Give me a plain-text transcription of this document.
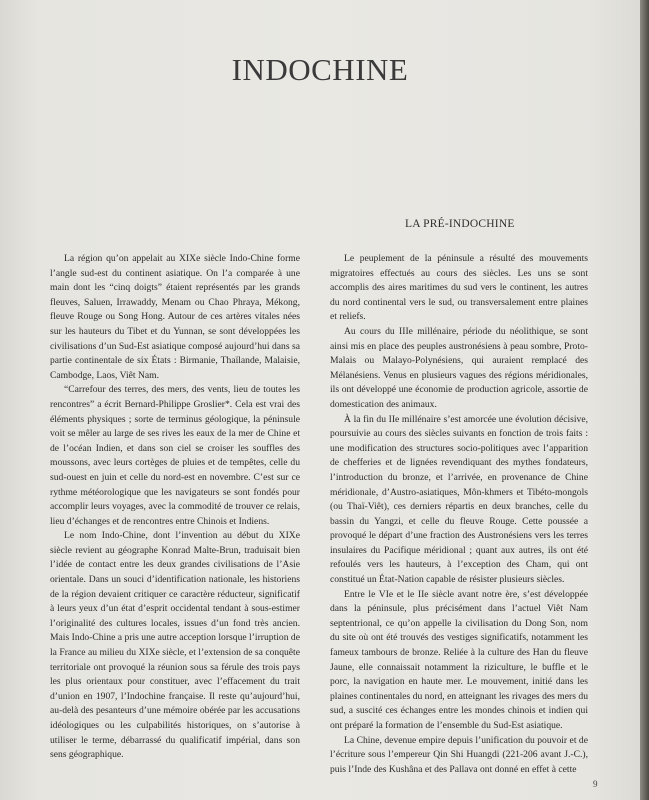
INDOCHINE
LA PRÉ-INDOCHINE

La région qu’on appelait au XIXe siècle Indo-Chine forme l’angle sud-est du continent asiatique. On l’a comparée à une main dont les “cinq doigts” étaient représentés par les grands fleuves, Saluen, Irrawaddy, Menam ou Chao Phraya, Mékong, fleuve Rouge ou Song Hong. Autour de ces artères vitales nées sur les hauteurs du Tibet et du Yunnan, se sont développées les civilisations d’un Sud-Est asiatique composé aujourd’hui dans sa partie continentale de six États : Birmanie, Thaïlande, Malaisie, Cambodge, Laos, Viêt Nam.

“Carrefour des terres, des mers, des vents, lieu de toutes les rencontres” a écrit Bernard-Philippe Groslier*. Cela est vrai des éléments physiques ; sorte de terminus géologique, la péninsule voit se mêler au large de ses rives les eaux de la mer de Chine et de l’océan Indien, et dans son ciel se croiser les souffles des moussons, avec leurs cortèges de pluies et de tempêtes, celle du sud-ouest en juin et celle du nord-est en novembre. C’est sur ce rythme météorologique que les navigateurs se sont fondés pour accomplir leurs voyages, avec la commodité de trouver ce relais, lieu d’échanges et de rencontres entre Chinois et Indiens.

Le nom Indo-Chine, dont l’invention au début du XIXe siècle revient au géographe Konrad Malte-Brun, traduisait bien l’idée de contact entre les deux grandes civilisations de l’Asie orientale. Dans un souci d’identification nationale, les historiens de la région devaient critiquer ce caractère réducteur, significatif à leurs yeux d’un état d’esprit occidental tendant à sous-estimer l’originalité des cultures locales, issues d’un fond très ancien. Mais Indo-Chine a pris une autre acception lorsque l’irruption de la France au milieu du XIXe siècle, et l’extension de sa conquête territoriale ont provoqué la réunion sous sa férule des trois pays les plus orientaux pour constituer, avec l’effacement du trait d’union en 1907, l’Indochine française. Il reste qu’aujourd’hui, au-delà des pesanteurs d’une mémoire obérée par les accusations idéologiques ou les culpabilités historiques, on s’autorise à utiliser le terme, débarrassé du qualificatif impérial, dans son sens géographique.

Le peuplement de la péninsule a résulté des mouvements migratoires effectués au cours des siècles. Les uns se sont accomplis des aires maritimes du sud vers le continent, les autres du nord continental vers le sud, ou transversalement entre plaines et reliefs.

Au cours du IIIe millénaire, période du néolithique, se sont ainsi mis en place des peuples austronésiens à peau sombre, Proto-Malais ou Malayo-Polynésiens, qui auraient remplacé des Mélanésiens. Venus en plusieurs vagues des régions méridionales, ils ont développé une économie de production agricole, assortie de domestication des animaux.

À la fin du IIe millénaire s’est amorcée une évolution décisive, poursuivie au cours des siècles suivants en fonction de trois faits : une modification des structures socio-politiques avec l’apparition de chefferies et de lignées revendiquant des mythes fondateurs, l’introduction du bronze, et l’arrivée, en provenance de Chine méridionale, d’Austro-asiatiques, Môn-khmers et Tibéto-mongols (ou Thaï-Viêt), ces derniers répartis en deux branches, celle du bassin du Yangzi, et celle du fleuve Rouge. Cette poussée a provoqué le départ d’une fraction des Austronésiens vers les terres insulaires du Pacifique méridional ; quant aux autres, ils ont été refoulés vers les hauteurs, à l’exception des Cham, qui ont constitué un État-Nation capable de résister plusieurs siècles.

Entre le VIe et le IIe siècle avant notre ère, s’est développée dans la péninsule, plus précisément dans l’actuel Viêt Nam septentrional, ce qu’on appelle la civilisation du Dong Son, nom du site où ont été trouvés des vestiges significatifs, notamment les fameux tambours de bronze. Reliée à la culture des Han du fleuve Jaune, elle connaissait notamment la riziculture, le buffle et le porc, la navigation en haute mer. Le mouvement, initié dans les plaines continentales du nord, en atteignant les rivages des mers du sud, a suscité ces échanges entre les mondes chinois et indien qui ont préparé la formation de l’ensemble du Sud-Est asiatique.

La Chine, devenue empire depuis l’unification du pouvoir et de l’écriture sous l’empereur Qin Shi Huangdi (221-206 avant J.-C.), puis l’Inde des Kushâna et des Pallava ont donné en effet à cette

9
